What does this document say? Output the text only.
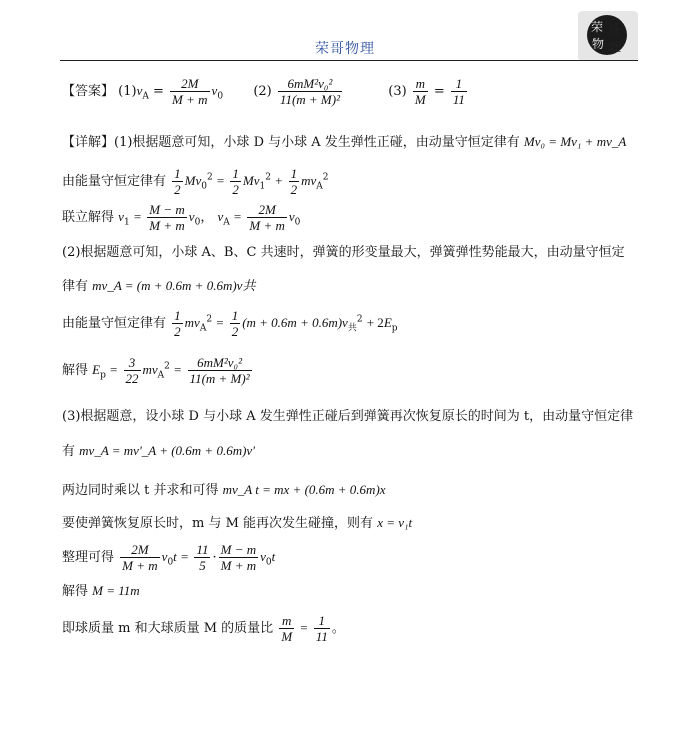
荣哥物理
荣 哥
物 理
【答案】 $(1)v_A = \frac{2M}{M + m} v_0$ $(2) \frac{\text{6mM²v₀²}}{\text{11(m + M)²}}$	$(3) \frac{m}{M} = \frac{1}{11}$
【详解】(1)根据题意可知，小球 D 与小球 A 发生弹性正碰，由动量守恒定律有 Mv₀ = Mv₁ + mv_A
由能量守恒定律有 $\frac{1}{2} Mv_0^2 = \frac{1}{2} Mv_1^2 + \frac{1}{2} mv_A^2$
联立解得 $v_1 = \frac{M - m}{M + m} v_0$， $v_A = \frac{2M}{M + m} v_0$
(2)根据题意可知，小球 A、B、C 共速时，弹簧的形变量最大，弹簧弹性势能最大，由动量守恒定
律有 mv_A = (m + 0.6m + 0.6m)v共
由能量守恒定律有 $\frac{1}{2} mv_A^2 = \frac{1}{2} (m + 0.6m + 0.6m)v_共^2 + 2E_p$
解得 $E_p = \frac{3}{22} mv_A^2 = \frac{\text{6mM²v₀²}}{\text{11(m + M)²}}$
(3)根据题意，设小球 D 与小球 A 发生弹性正碰后到弹簧再次恢复原长的时间为 t，由动量守恒定律
有 mv_A = mv'_A + (0.6m + 0.6m)v'
两边同时乘以 t 并求和可得 mv_A t = mx + (0.6m + 0.6m)x
要使弹簧恢复原长时，m 与 M 能再次发生碰撞，则有 x = v₁t
整理可得 $\frac{2M}{M + m} v_0t = \frac{11}{5} \cdot \frac{M - m}{M + m} v_0t$
解得 M = 11m
即球质量 m 和大球质量 M 的质量比 $\frac{m}{M} = \frac{1}{11}$ 。
